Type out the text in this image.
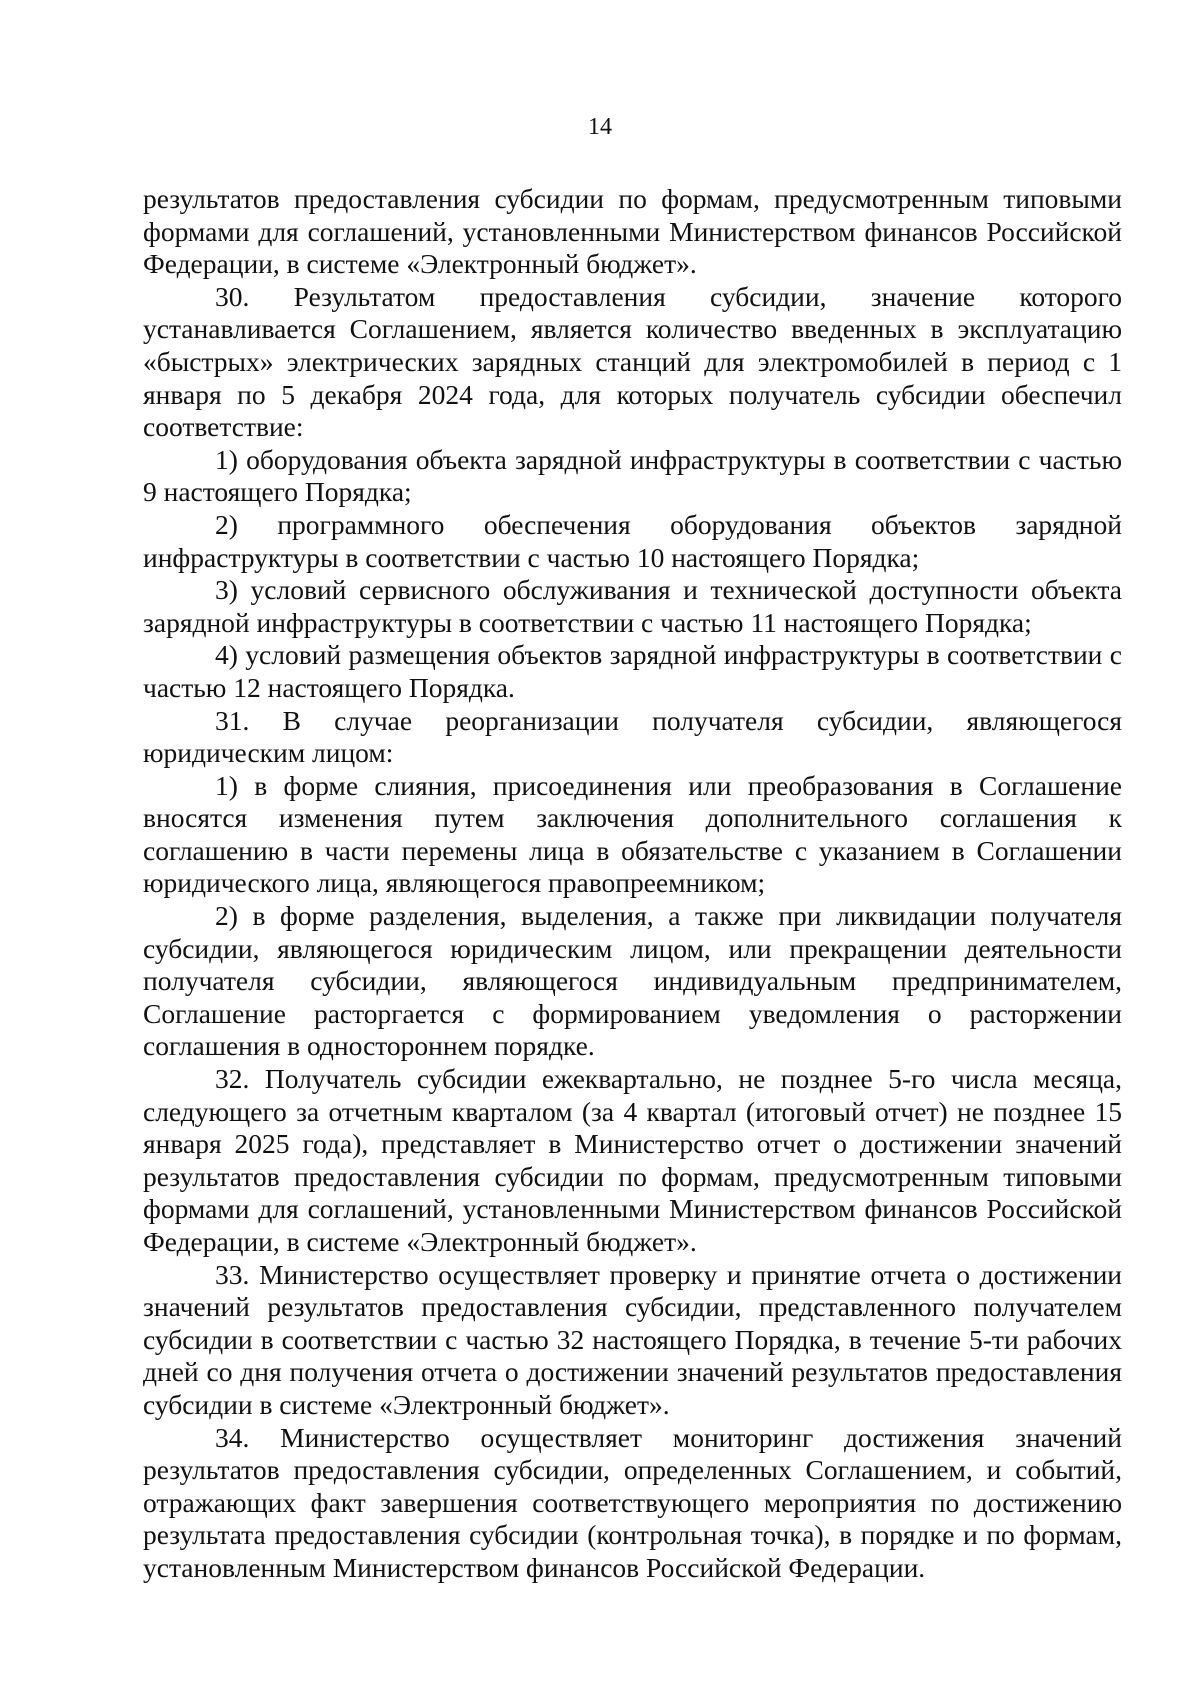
14

результатов предоставления субсидии по формам, предусмотренным типовыми формами для соглашений, установленными Министерством финансов Российской Федерации, в системе «Электронный бюджет».

30. Результатом предоставления субсидии, значение которого устанавливается Соглашением, является количество введенных в эксплуатацию «быстрых» электрических зарядных станций для электромобилей в период с 1 января по 5 декабря 2024 года, для которых получатель субсидии обеспечил соответствие:

1) оборудования объекта зарядной инфраструктуры в соответствии с частью 9 настоящего Порядка;

2) программного обеспечения оборудования объектов зарядной инфраструктуры в соответствии с частью 10 настоящего Порядка;

3) условий сервисного обслуживания и технической доступности объекта зарядной инфраструктуры в соответствии с частью 11 настоящего Порядка;

4) условий размещения объектов зарядной инфраструктуры в соответствии с частью 12 настоящего Порядка.

31. В случае реорганизации получателя субсидии, являющегося юридическим лицом:

1) в форме слияния, присоединения или преобразования в Соглашение вносятся изменения путем заключения дополнительного соглашения к соглашению в части перемены лица в обязательстве с указанием в Соглашении юридического лица, являющегося правопреемником;

2) в форме разделения, выделения, а также при ликвидации получателя субсидии, являющегося юридическим лицом, или прекращении деятельности получателя субсидии, являющегося индивидуальным предпринимателем, Соглашение расторгается с формированием уведомления о расторжении соглашения в одностороннем порядке.

32. Получатель субсидии ежеквартально, не позднее 5-го числа месяца, следующего за отчетным кварталом (за 4 квартал (итоговый отчет) не позднее 15 января 2025 года), представляет в Министерство отчет о достижении значений результатов предоставления субсидии по формам, предусмотренным типовыми формами для соглашений, установленными Министерством финансов Российской Федерации, в системе «Электронный бюджет».

33. Министерство осуществляет проверку и принятие отчета о достижении значений результатов предоставления субсидии, представленного получателем субсидии в соответствии с частью 32 настоящего Порядка, в течение 5-ти рабочих дней со дня получения отчета о достижении значений результатов предоставления субсидии в системе «Электронный бюджет».

34. Министерство осуществляет мониторинг достижения значений результатов предоставления субсидии, определенных Соглашением, и событий, отражающих факт завершения соответствующего мероприятия по достижению результата предоставления субсидии (контрольная точка), в порядке и по формам, установленным Министерством финансов Российской Федерации.
